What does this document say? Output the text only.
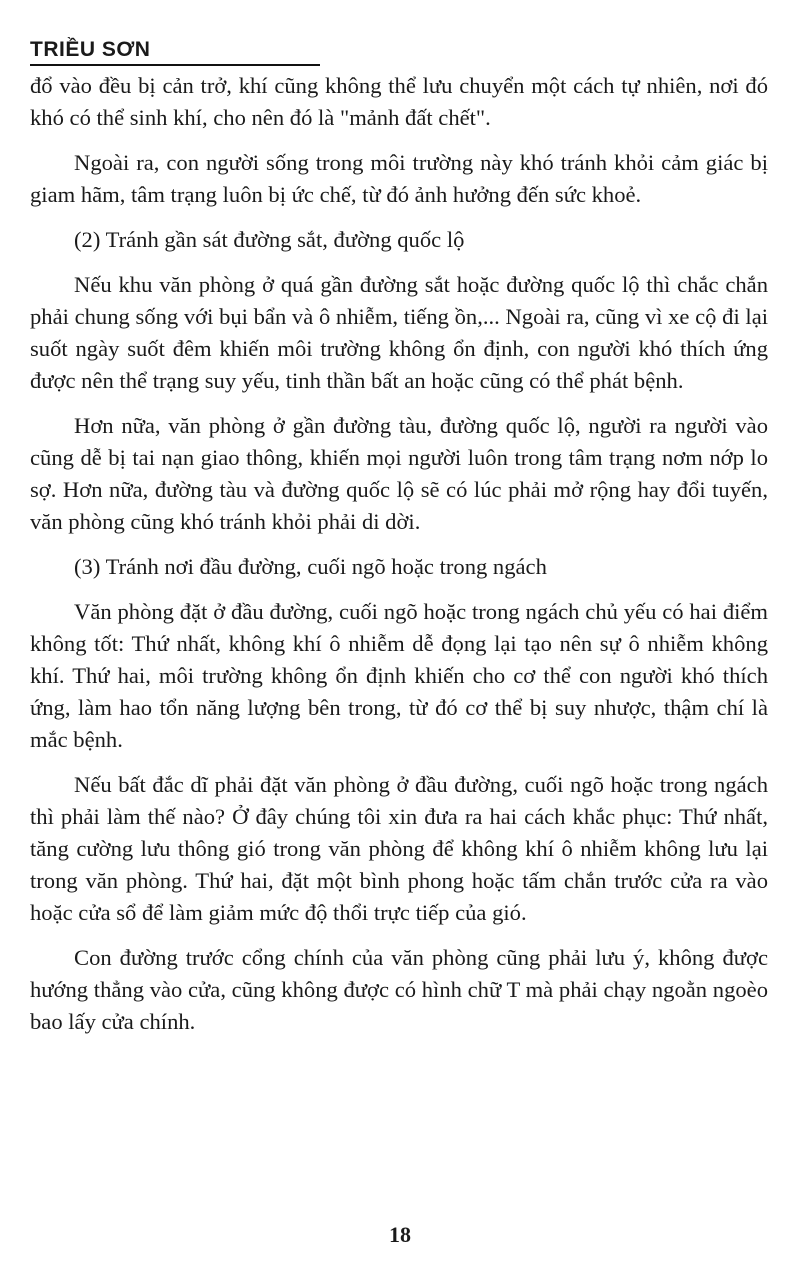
TRIỀU SƠN

đổ vào đều bị cản trở, khí cũng không thể lưu chuyển một cách tự nhiên, nơi đó khó có thể sinh khí, cho nên đó là "mảnh đất chết".

Ngoài ra, con người sống trong môi trường này khó tránh khỏi cảm giác bị giam hãm, tâm trạng luôn bị ức chế, từ đó ảnh hưởng đến sức khoẻ.

(2) Tránh gần sát đường sắt, đường quốc lộ

Nếu khu văn phòng ở quá gần đường sắt hoặc đường quốc lộ thì chắc chắn phải chung sống với bụi bẩn và ô nhiễm, tiếng ồn,... Ngoài ra, cũng vì xe cộ đi lại suốt ngày suốt đêm khiến môi trường không ổn định, con người khó thích ứng được nên thể trạng suy yếu, tinh thần bất an hoặc cũng có thể phát bệnh.

Hơn nữa, văn phòng ở gần đường tàu, đường quốc lộ, người ra người vào cũng dễ bị tai nạn giao thông, khiến mọi người luôn trong tâm trạng nơm nớp lo sợ. Hơn nữa, đường tàu và đường quốc lộ sẽ có lúc phải mở rộng hay đổi tuyến, văn phòng cũng khó tránh khỏi phải di dời.

(3) Tránh nơi đầu đường, cuối ngõ hoặc trong ngách

Văn phòng đặt ở đầu đường, cuối ngõ hoặc trong ngách chủ yếu có hai điểm không tốt: Thứ nhất, không khí ô nhiễm dễ đọng lại tạo nên sự ô nhiễm không khí. Thứ hai, môi trường không ổn định khiến cho cơ thể con người khó thích ứng, làm hao tổn năng lượng bên trong, từ đó cơ thể bị suy nhược, thậm chí là mắc bệnh.

Nếu bất đắc dĩ phải đặt văn phòng ở đầu đường, cuối ngõ hoặc trong ngách thì phải làm thế nào? Ở đây chúng tôi xin đưa ra hai cách khắc phục: Thứ nhất, tăng cường lưu thông gió trong văn phòng để không khí ô nhiễm không lưu lại trong văn phòng. Thứ hai, đặt một bình phong hoặc tấm chắn trước cửa ra vào hoặc cửa sổ để làm giảm mức độ thổi trực tiếp của gió.

Con đường trước cổng chính của văn phòng cũng phải lưu ý, không được hướng thẳng vào cửa, cũng không được có hình chữ T mà phải chạy ngoằn ngoèo bao lấy cửa chính.

18
